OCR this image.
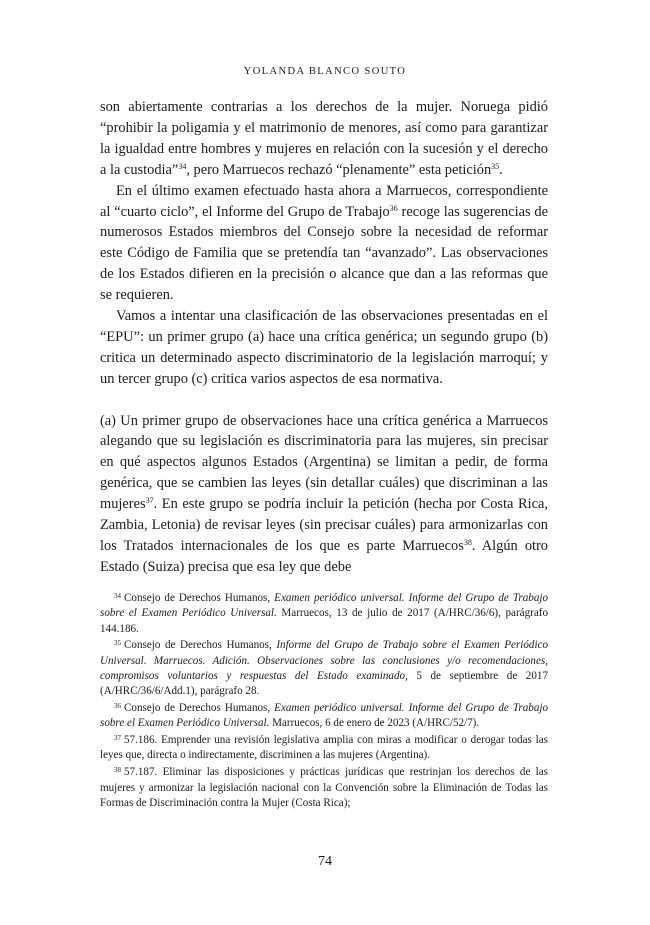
YOLANDA BLANCO SOUTO

son abiertamente contrarias a los derechos de la mujer. Noruega pidió “prohibir la poligamia y el matrimonio de menores, así como para garantizar la igualdad entre hombres y mujeres en relación con la sucesión y el derecho a la custodia”$^{34}$, pero Marruecos rechazó “plenamente” esta petición$^{35}$.

En el último examen efectuado hasta ahora a Marruecos, correspondiente al “cuarto ciclo”, el Informe del Grupo de Trabajo$^{36}$ recoge las sugerencias de numerosos Estados miembros del Consejo sobre la necesidad de reformar este Código de Familia que se pretendía tan “avanzado”. Las observaciones de los Estados difieren en la precisión o alcance que dan a las reformas que se requieren.

Vamos a intentar una clasificación de las observaciones presentadas en el “EPU”: un primer grupo (a) hace una crítica genérica; un segundo grupo (b) critica un determinado aspecto discriminatorio de la legislación marroquí; y un tercer grupo (c) critica varios aspectos de esa normativa.

(a) Un primer grupo de observaciones hace una crítica genérica a Marruecos alegando que su legislación es discriminatoria para las mujeres, sin precisar en qué aspectos algunos Estados (Argentina) se limitan a pedir, de forma genérica, que se cambien las leyes (sin detallar cuáles) que discriminan a las mujeres$^{37}$. En este grupo se podría incluir la petición (hecha por Costa Rica, Zambia, Letonia) de revisar leyes (sin precisar cuáles) para armonizarlas con los Tratados internacionales de los que es parte Marruecos$^{38}$. Algún otro Estado (Suiza) precisa que esa ley que debe

$^{34}$ Consejo de Derechos Humanos, Examen periódico universal. Informe del Grupo de Trabajo sobre el Examen Periódico Universal. Marruecos, 13 de julio de 2017 (A/HRC/36/6), parágrafo 144.186.

$^{35}$ Consejo de Derechos Humanos, Informe del Grupo de Trabajo sobre el Examen Periódico Universal. Marruecos. Adición. Observaciones sobre las conclusiones y/o recomendaciones, compromisos voluntarios y respuestas del Estado examinado, 5 de septiembre de 2017 (A/HRC/36/6/Add.1), parágrafo 28.

$^{36}$ Consejo de Derechos Humanos, Examen periódico universal. Informe del Grupo de Trabajo sobre el Examen Periódico Universal. Marruecos, 6 de enero de 2023 (A/HRC/52/7).

$^{37}$ 57.186. Emprender una revisión legislativa amplia con miras a modificar o derogar todas las leyes que, directa o indirectamente, discriminen a las mujeres (Argentina).

$^{38}$ 57.187. Eliminar las disposiciones y prácticas jurídicas que restrinjan los derechos de las mujeres y armonizar la legislación nacional con la Convención sobre la Eliminación de Todas las Formas de Discriminación contra la Mujer (Costa Rica);

74
